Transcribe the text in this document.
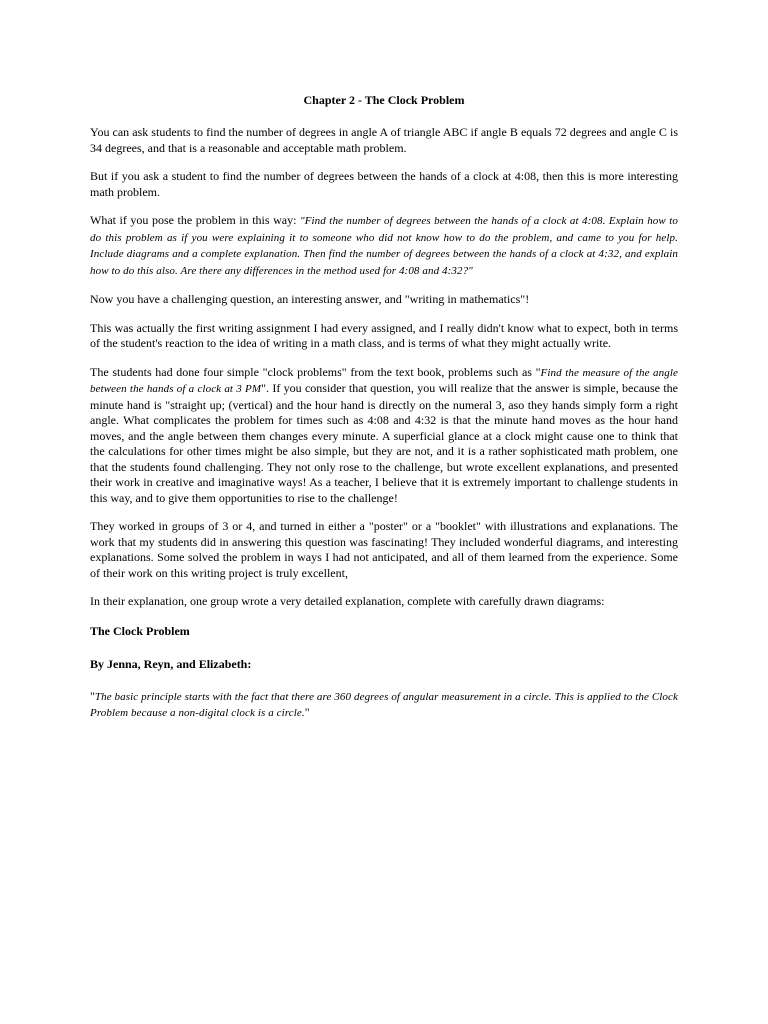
Chapter 2 - The Clock Problem

You can ask students to find the number of degrees in angle A of triangle ABC if angle B equals 72 degrees and angle C is 34 degrees, and that is a reasonable and acceptable math problem.

But if you ask a student to find the number of degrees between the hands of a clock at 4:08, then this is more interesting math problem.

What if you pose the problem in this way: "Find the number of degrees between the hands of a clock at 4:08. Explain how to do this problem as if you were explaining it to someone who did not know how to do the problem, and came to you for help. Include diagrams and a complete explanation. Then find the number of degrees between the hands of a clock at 4:32, and explain how to do this also. Are there any differences in the method used for 4:08 and 4:32?"

Now you have a challenging question, an interesting answer, and "writing in mathematics"!

This was actually the first writing assignment I had every assigned, and I really didn't know what to expect, both in terms of the student's reaction to the idea of writing in a math class, and is terms of what they might actually write.

The students had done four simple "clock problems" from the text book, problems such as "Find the measure of the angle between the hands of a clock at 3 PM". If you consider that question, you will realize that the answer is simple, because the minute hand is "straight up; (vertical) and the hour hand is directly on the numeral 3, aso they hands simply form a right angle. What complicates the problem for times such as 4:08 and 4:32 is that the minute hand moves as the hour hand moves, and the angle between them changes every minute. A superficial glance at a clock might cause one to think that the calculations for other times might be also simple, but they are not, and it is a rather sophisticated math problem, one that the students found challenging. They not only rose to the challenge, but wrote excellent explanations, and presented their work in creative and imaginative ways! As a teacher, I believe that it is extremely important to challenge students in this way, and to give them opportunities to rise to the challenge!

They worked in groups of 3 or 4, and turned in either a "poster" or a "booklet" with illustrations and explanations. The work that my students did in answering this question was fascinating! They included wonderful diagrams, and interesting explanations. Some solved the problem in ways I had not anticipated, and all of them learned from the experience. Some of their work on this writing project is truly excellent,

In their explanation, one group wrote a very detailed explanation, complete with carefully drawn diagrams:

The Clock Problem
By Jenna, Reyn, and Elizabeth:

"The basic principle starts with the fact that there are 360 degrees of angular measurement in a circle. This is applied to the Clock Problem because a non-digital clock is a circle."
